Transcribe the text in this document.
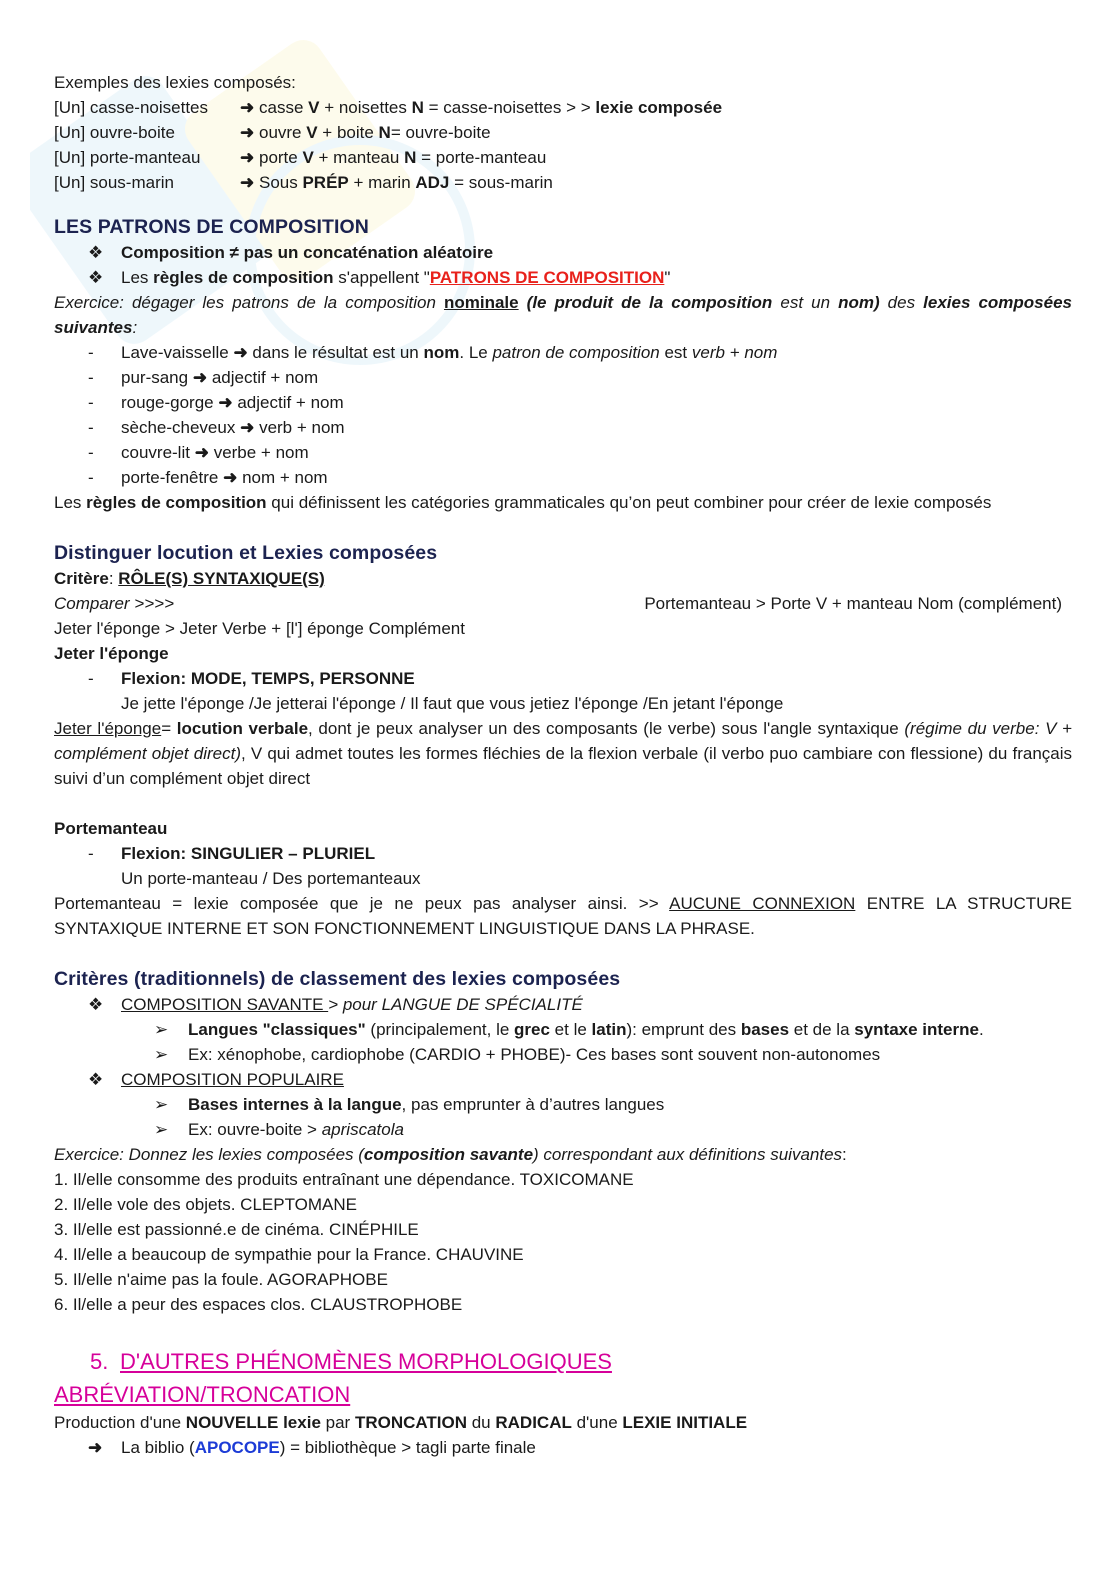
Exemples des lexies composés:

[Un] casse-noisettes	➜ casse V + noisettes N = casse-noisettes > > lexie composée
[Un] ouvre-boite	➜ ouvre V + boite N= ouvre-boite
[Un] porte-manteau	➜ porte V + manteau N = porte-manteau
[Un] sous-marin	➜ Sous PRÉP + marin ADJ = sous-marin

LES PATRONS DE COMPOSITION

❖ Composition ≠ pas un concaténation aléatoire

❖ Les règles de composition s'appellent "PATRONS DE COMPOSITION"

Exercice: dégager les patrons de la composition nominale (le produit de la composition est un nom) des lexies composées suivantes:

- Lave-vaisselle ➜ dans le résultat est un nom. Le patron de composition est verb + nom

- pur-sang ➜ adjectif + nom

- rouge-gorge ➜ adjectif + nom

- sèche-cheveux ➜ verb + nom

- couvre-lit ➜ verbe + nom

- porte-fenêtre ➜ nom + nom

Les règles de composition qui définissent les catégories grammaticales qu’on peut combiner pour créer de lexie composés

Distinguer locution et Lexies composées

Critère: RÔLE(S) SYNTAXIQUE(S)

Comparer >>>>	Portemanteau > Porte V + manteau Nom (complément)

Jeter l'éponge > Jeter Verbe + [l'] éponge Complément

Jeter l'éponge

- Flexion: MODE, TEMPS, PERSONNE

Je jette l'éponge /Je jetterai l'éponge / Il faut que vous jetiez l'éponge /En jetant l'éponge

Jeter l'éponge= locution verbale, dont je peux analyser un des composants (le verbe) sous l'angle syntaxique (régime du verbe: V + complément objet direct), V qui admet toutes les formes fléchies de la flexion verbale (il verbo puo cambiare con flessione) du français suivi d’un complément objet direct

Portemanteau

- Flexion: SINGULIER – PLURIEL

Un porte-manteau / Des portemanteaux

Portemanteau = lexie composée que je ne peux pas analyser ainsi. >> AUCUNE CONNEXION ENTRE LA STRUCTURE SYNTAXIQUE INTERNE ET SON FONCTIONNEMENT LINGUISTIQUE DANS LA PHRASE.

Critères (traditionnels) de classement des lexies composées

❖ COMPOSITION SAVANTE > pour LANGUE DE SPÉCIALITÉ

➢ Langues "classiques" (principalement, le grec et le latin): emprunt des bases et de la syntaxe interne.

➢ Ex: xénophobe, cardiophobe (CARDIO + PHOBE)- Ces bases sont souvent non-autonomes

❖ COMPOSITION POPULAIRE

➢ Bases internes à la langue, pas emprunter à d’autres langues

➢ Ex: ouvre-boite > apriscatola

Exercice: Donnez les lexies composées (composition savante) correspondant aux définitions suivantes:

1. Il/elle consomme des produits entraînant une dépendance. TOXICOMANE

2. Il/elle vole des objets. CLEPTOMANE

3. Il/elle est passionné.e de cinéma. CINÉPHILE

4. Il/elle a beaucoup de sympathie pour la France. CHAUVINE

5. Il/elle n'aime pas la foule. AGORAPHOBE

6. Il/elle a peur des espaces clos. CLAUSTROPHOBE

5. D'AUTRES PHÉNOMÈNES MORPHOLOGIQUES

ABRÉVIATION/TRONCATION

Production d'une NOUVELLE lexie par TRONCATION du RADICAL d'une LEXIE INITIALE

➜ La biblio (APOCOPE) = bibliothèque > tagli parte finale
